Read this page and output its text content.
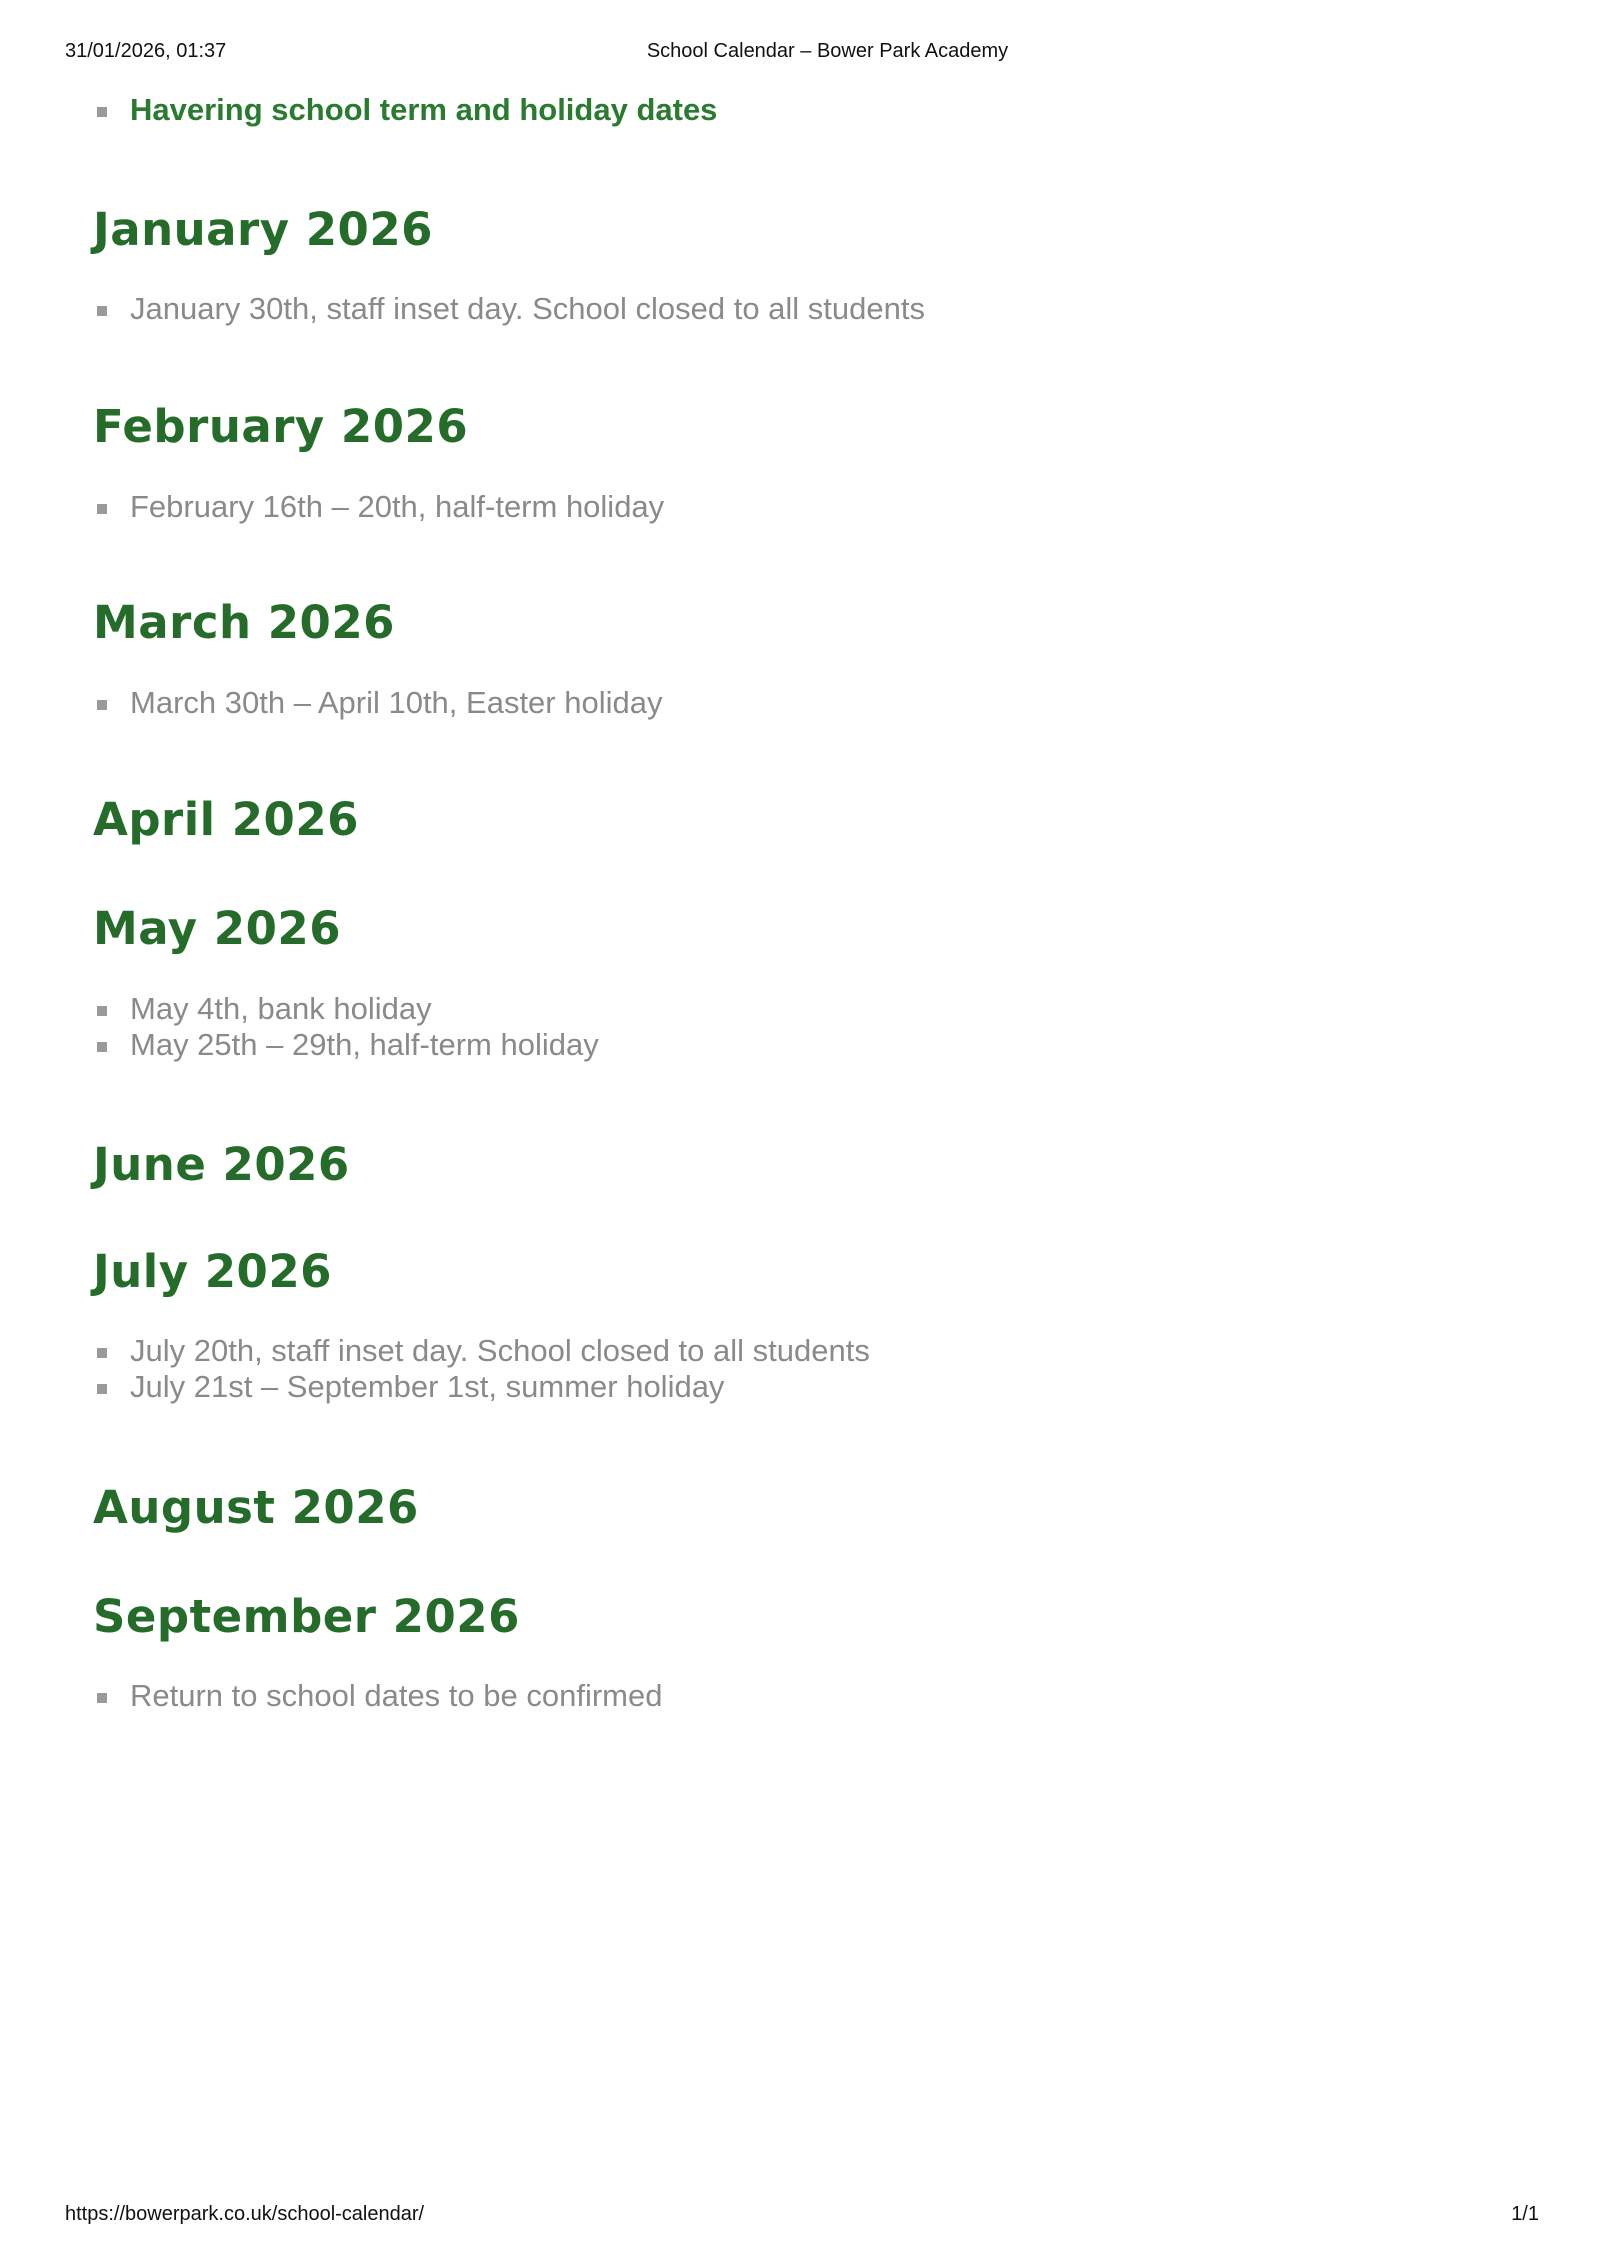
31/01/2026, 01:37	School Calendar – Bower Park Academy
Havering school term and holiday dates
January 2026
January 30th, staff inset day. School closed to all students
February 2026
February 16th – 20th, half-term holiday
March 2026
March 30th – April 10th, Easter holiday
April 2026
May 2026
May 4th, bank holiday
May 25th – 29th, half-term holiday
June 2026
July 2026
July 20th, staff inset day. School closed to all students
July 21st – September 1st, summer holiday
August 2026
September 2026
Return to school dates to be confirmed
https://bowerpark.co.uk/school-calendar/	1/1
